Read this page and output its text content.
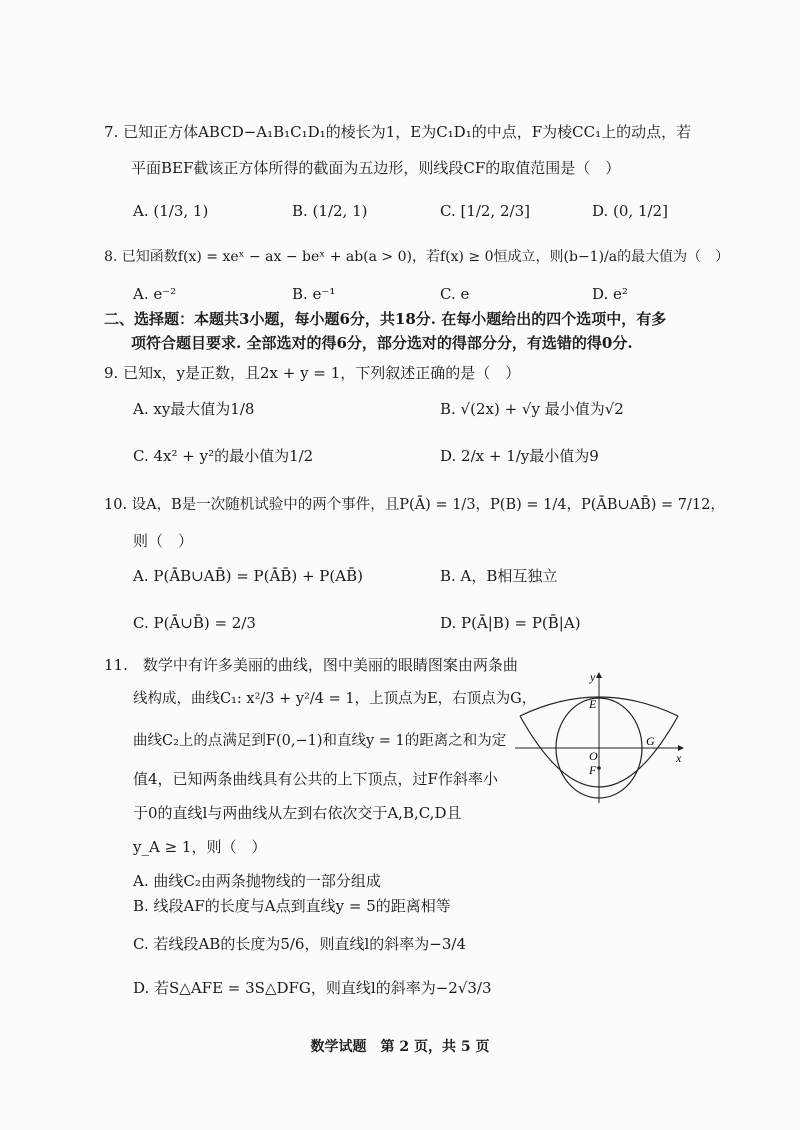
7. 已知正方体ABCD−A₁B₁C₁D₁的棱长为1，E为C₁D₁的中点，F为棱CC₁上的动点，若
平面BEF截该正方体所得的截面为五边形，则线段CF的取值范围是（　）
A. (1/3, 1)	B. (1/2, 1)	C. [1/2, 2/3]	D. (0, 1/2]
8. 已知函数f(x) = xeˣ − ax − beˣ + ab(a > 0)，若f(x) ≥ 0恒成立，则(b−1)/a的最大值为（　）
A. e⁻²	B. e⁻¹	C. e	D. e²
二、选择题：本题共3小题，每小题6分，共18分. 在每小题给出的四个选项中，有多
项符合题目要求. 全部选对的得6分，部分选对的得部分分，有选错的得0分.
9. 已知x，y是正数，且2x + y = 1，下列叙述正确的是（　）
A. xy最大值为1/8	B. √(2x) + √y 最小值为√2
C. 4x² + y²的最小值为1/2	D. 2/x + 1/y最小值为9
10. 设A，B是一次随机试验中的两个事件，且P(Ā) = 1/3，P(B) = 1/4，P(ĀB∪AB̄) = 7/12，
则（　）
A. P(ĀB∪AB̄) = P(ĀB̄) + P(AB̄)	B. A，B相互独立
C. P(Ā∪B̄) = 2/3	D. P(Ā|B) = P(B̄|A)
11.　数学中有许多美丽的曲线，图中美丽的眼睛图案由两条曲
线构成，曲线C₁: x²/3 + y²/4 = 1，上顶点为E，右顶点为G，
曲线C₂上的点满足到F(0,−1)和直线y = 1的距离之和为定
值4，已知两条曲线具有公共的上下顶点，过F作斜率小
于0的直线l与两曲线从左到右依次交于A,B,C,D且
y_A ≥ 1，则（　）
A. 曲线C₂由两条抛物线的一部分组成
B. 线段AF的长度与A点到直线y = 5的距离相等
C. 若线段AB的长度为5/6，则直线l的斜率为−3/4
D. 若S△AFE = 3S△DFG，则直线l的斜率为−2√3/3
y
E
G
O
F
x
数学试题　第 2 页，共 5 页
